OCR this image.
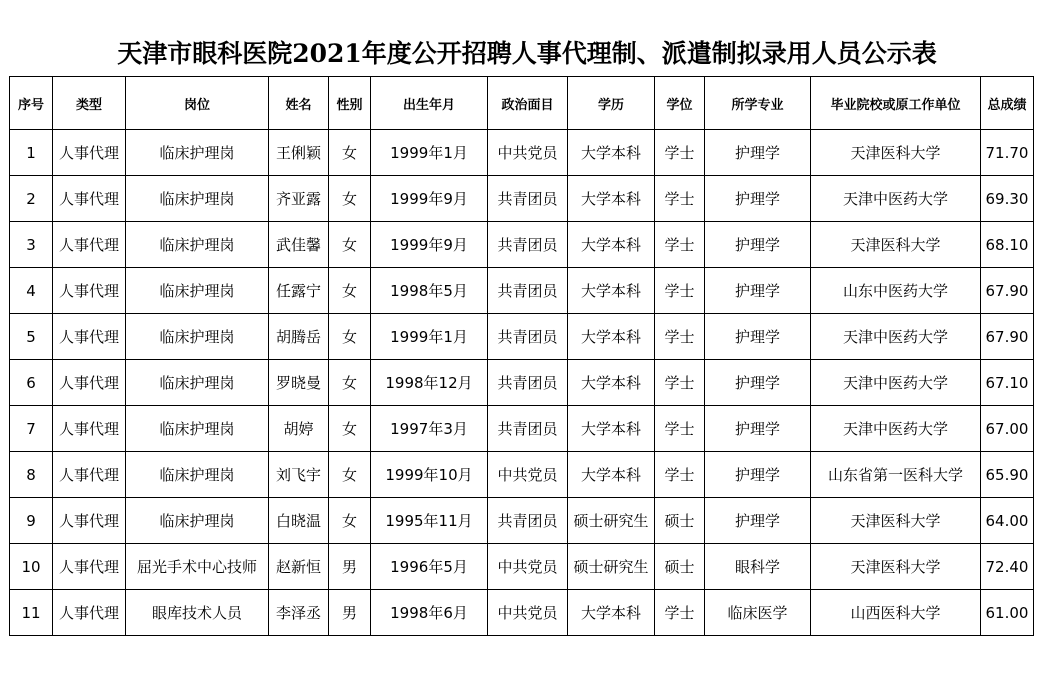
天津市眼科医院2021年度公开招聘人事代理制、派遣制拟录用人员公示表
序号	类型	岗位	姓名	性别	出生年月	政治面目	学历	学位	所学专业	毕业院校或原工作单位	总成绩
1	人事代理	临床护理岗	王俐颖	女	1999年1月	中共党员	大学本科	学士	护理学	天津医科大学	71.70
2	人事代理	临床护理岗	齐亚露	女	1999年9月	共青团员	大学本科	学士	护理学	天津中医药大学	69.30
3	人事代理	临床护理岗	武佳馨	女	1999年9月	共青团员	大学本科	学士	护理学	天津医科大学	68.10
4	人事代理	临床护理岗	任露宁	女	1998年5月	共青团员	大学本科	学士	护理学	山东中医药大学	67.90
5	人事代理	临床护理岗	胡腾岳	女	1999年1月	共青团员	大学本科	学士	护理学	天津中医药大学	67.90
6	人事代理	临床护理岗	罗晓曼	女	1998年12月	共青团员	大学本科	学士	护理学	天津中医药大学	67.10
7	人事代理	临床护理岗	胡婷	女	1997年3月	共青团员	大学本科	学士	护理学	天津中医药大学	67.00
8	人事代理	临床护理岗	刘飞宇	女	1999年10月	中共党员	大学本科	学士	护理学	山东省第一医科大学	65.90
9	人事代理	临床护理岗	白晓温	女	1995年11月	共青团员	硕士研究生	硕士	护理学	天津医科大学	64.00
10	人事代理	屈光手术中心技师	赵新恒	男	1996年5月	中共党员	硕士研究生	硕士	眼科学	天津医科大学	72.40
11	人事代理	眼库技术人员	李泽丞	男	1998年6月	中共党员	大学本科	学士	临床医学	山西医科大学	61.00
